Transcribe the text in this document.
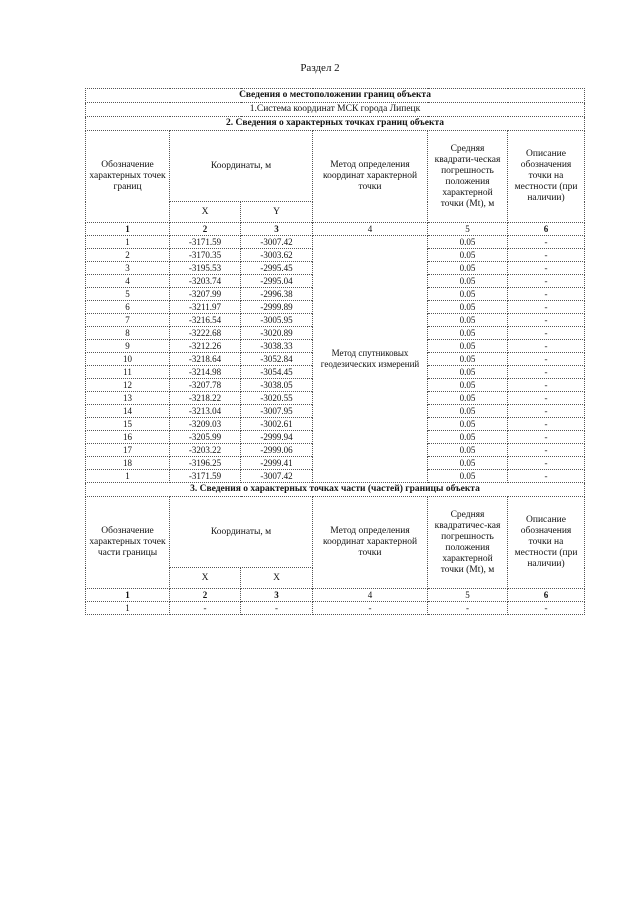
Раздел 2
Сведения о местоположении границ объекта					
1.Система координат МСК города Липецк					
2. Сведения о характерных точках границ объекта					
Обозначение характерных точек границ	Координаты, м		Метод определения координат характерной точки	Средняя квадрати-ческая погрешность положения характерной точки (Mt), м	Описание обозначения точки на местности (при наличии)
	X	Y			
1	2	3	4	5	6
1	-3171.59	-3007.42	Метод спутниковых геодезических измерений	0.05	-
2	-3170.35	-3003.62		0.05	-
3	-3195.53	-2995.45		0.05	-
4	-3203.74	-2995.04		0.05	-
5	-3207.99	-2996.38		0.05	-
6	-3211.97	-2999.89		0.05	-
7	-3216.54	-3005.95		0.05	-
8	-3222.68	-3020.89		0.05	-
9	-3212.26	-3038.33		0.05	-
10	-3218.64	-3052.84		0.05	-
11	-3214.98	-3054.45		0.05	-
12	-3207.78	-3038.05		0.05	-
13	-3218.22	-3020.55		0.05	-
14	-3213.04	-3007.95		0.05	-
15	-3209.03	-3002.61		0.05	-
16	-3205.99	-2999.94		0.05	-
17	-3203.22	-2999.06		0.05	-
18	-3196.25	-2999.41		0.05	-
1	-3171.59	-3007.42		0.05	-
3. Сведения о характерных точках части (частей) границы объекта					
Обозначение характерных точек части границы	Координаты, м		Метод определения координат характерной точки	Средняя квадратичес-кая погрешность положения характерной точки (Mt), м	Описание обозначения точки на местности (при наличии)
	X	X			
1	2	3	4	5	6
1	-	-	-	-	-
